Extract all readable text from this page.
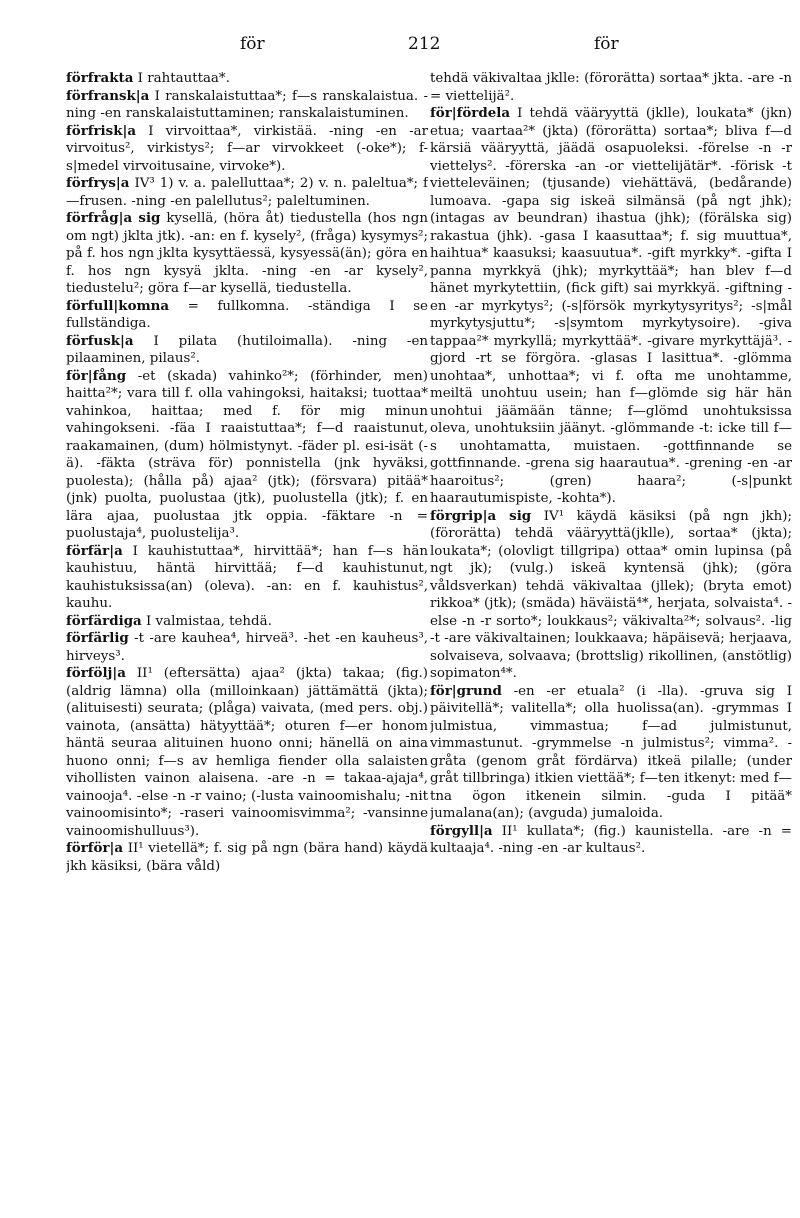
för	212	för

förfrakta I rahtauttaa*.

förfransk|a I ranskalaistuttaa*; f—s ranskalaistua. -ning -en ranskalaistuttaminen; ranskalaistuminen.

förfrisk|a I virvoittaa*, virkistää. -ning -en -ar virvoitus², virkistys²; f—ar virvokkeet (-oke*); f-s|medel virvoitusaine, virvoke*).

förfrys|a IV³ 1) v. a. palelluttaa*; 2) v. n. paleltua*; f—frusen. -ning -en palellutus²; paleltuminen.

förfråg|a sig kysellä, (höra åt) tiedustella (hos ngn om ngt) jklta jtk). -an: en f. kysely², (fråga) kysymys²; på f. hos ngn jklta kysyttäessä, kysyessä(än); göra en f. hos ngn kysyä jklta. -ning -en -ar kysely², tiedustelu²; göra f—ar kysellä, tiedustella.

förfull|komna = fullkomna. -ständiga I se fullständiga.

förfusk|a I pilata (hutiloimalla). -ning -en pilaaminen, pilaus².

för|fång -et (skada) vahinko²*; (förhinder, men) haitta²*; vara till f. olla vahingoksi, haitaksi; tuottaa* vahinkoa, haittaa; med f. för mig minun vahingokseni. -fäa I raaistuttaa*; f—d raaistunut, raakamainen, (dum) hölmistynyt. -fäder pl. esi-isät (-ä). -fäkta (sträva för) ponnistella (jnk hyväksi, puolesta); (hålla på) ajaa² (jtk); (försvara) pitää* (jnk) puolta, puolustaa (jtk), puolustella (jtk); f. en lära ajaa, puolustaa jtk oppia. -fäktare -n = puolustaja⁴, puolustelija³.

förfär|a I kauhistuttaa*, hirvittää*; han f—s hän kauhistuu, häntä hirvittää; f—d kauhistunut, kauhistuksissa(an) (oleva). -an: en f. kauhistus², kauhu.

förfärdiga I valmistaa, tehdä.

förfärlig -t -are kauhea⁴, hirveä³. -het -en kauheus³, hirveys³.

förfölj|a II¹ (eftersätta) ajaa² (jkta) takaa; (fig.) (aldrig lämna) olla (milloinkaan) jättämättä (jkta); (alituisesti) seurata; (plåga) vaivata, (med pers. obj.) vainota, (ansätta) hätyyttää*; oturen f—er honom häntä seuraa alituinen huono onni; hänellä on aina huono onni; f—s av hemliga fiender olla salaisten vihollisten vainon alaisena. -are -n = takaa-ajaja⁴, vainooja⁴. -else -n -r vaino; (-lusta vainoomishalu; -nit vainoomisinto*; -raseri vainoomisvimma²; -vansinne vainoomishulluus³).

förför|a II¹ vietellä*; f. sig på ngn (bära hand) käydä jkh käsiksi, (bära våld)

tehdä väkivaltaa jklle: (förorätta) sortaa* jkta. -are -n = viettelijä².

för|fördela I tehdä vääryyttä (jklle), loukata* (jkn) etua; vaartaa²* (jkta) (förorätta) sortaa*; bliva f—d kärsiä vääryyttä, jäädä osapuoleksi. -förelse -n -r viettelys². -förerska -an -or viettelijätär*. -förisk -t vietteleväinen; (tjusande) viehättävä, (bedårande) lumoava. -gapa sig iskeä silmänsä (på ngt jhk); (intagas av beundran) ihastua (jhk); (förälska sig) rakastua (jhk). -gasa I kaasuttaa*; f. sig muuttua*, haihtua* kaasuksi; kaasuutua*. -gift myrkky*. -gifta I panna myrkkyä (jhk); myrkyttää*; han blev f—d hänet myrkytettiin, (fick gift) sai myrkkyä. -giftning -en -ar myrkytys²; (-s|försök myrkytysyritys²; -s|mål myrkytysjuttu*; -s|symtom myrkytysoire). -giva tappaa²* myrkyllä; myrkyttää*. -givare myrkyttäjä³. -gjord -rt se förgöra. -glasas I lasittua*. -glömma unohtaa*, unhottaa*; vi f. ofta me unohtamme, meiltä unohtuu usein; han f—glömde sig här hän unohtui jäämään tänne; f—glömd unohtuksissa oleva, unohtuksiin jäänyt. -glömmande -t: icke till f—s unohtamatta, muistaen. -gottfinnande se gottfinnande. -grena sig haarautua*. -grening -en -ar haaroitus²; (gren) haara²; (-s|punkt haarautumispiste, -kohta*).

förgrip|a sig IV¹ käydä käsiksi (på ngn jkh); (förorätta) tehdä vääryyttä(jklle), sortaa* (jkta); loukata*; (olovligt tillgripa) ottaa* omin lupinsa (på ngt jk); (vulg.) iskeä kyntensä (jhk); (göra våldsverkan) tehdä väkivaltaa (jllek); (bryta emot) rikkoa* (jtk); (smäda) häväistä⁴*, herjata, solvaista⁴. -else -n -r sorto*; loukkaus²; väkivalta²*; solvaus². -lig -t -are väkivaltainen; loukkaava; häpäisevä; herjaava, solvaiseva, solvaava; (brottslig) rikollinen, (anstötlig) sopimaton⁴*.

för|grund -en -er etuala² (i -lla). -gruva sig I päivitellä*; valitella*; olla huolissa(an). -grymmas I julmistua, vimmastua; f—ad julmistunut, vimmastunut. -grymmelse -n julmistus²; vimma². -gråta (genom gråt fördärva) itkeä pilalle; (under gråt tillbringa) itkien viettää*; f—ten itkenyt: med f—tna ögon itkenein silmin. -guda I pitää* jumalana(an); (avguda) jumaloida.

förgyll|a II¹ kullata*; (fig.) kaunistella. -are -n = kultaaja⁴. -ning -en -ar kultaus².
